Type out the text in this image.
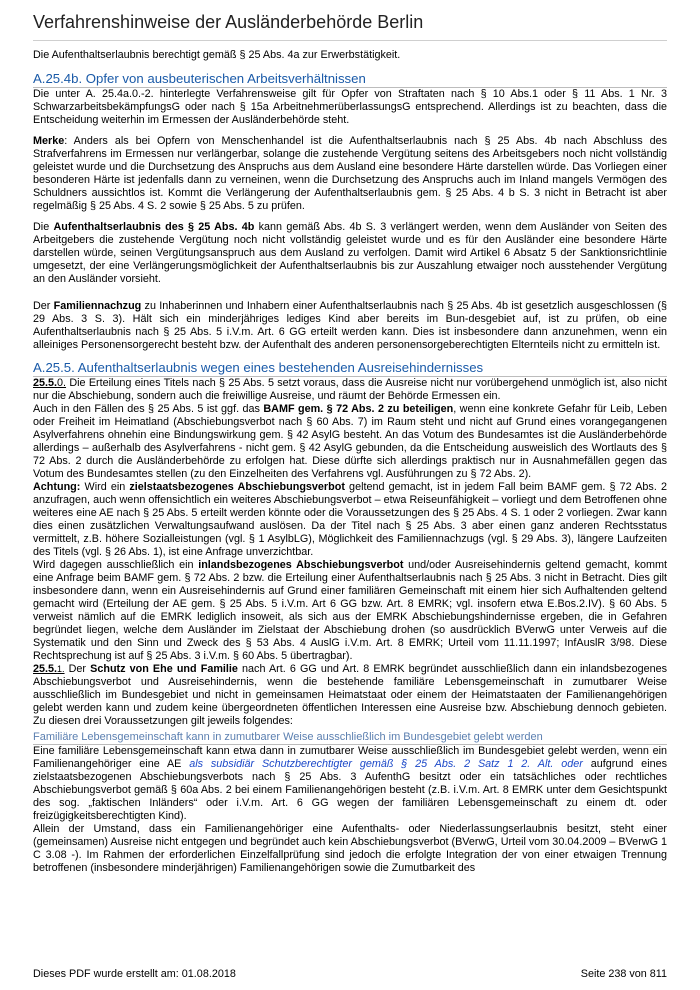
Verfahrenshinweise der Ausländerbehörde Berlin

Die Aufenthaltserlaubnis berechtigt gemäß § 25 Abs. 4a zur Erwerbstätigkeit.

A.25.4b. Opfer von ausbeuterischen Arbeitsverhältnissen

Die unter A. 25.4a.0.-2. hinterlegte Verfahrensweise gilt für Opfer von Straftaten nach § 10 Abs.1 oder § 11 Abs. 1 Nr. 3 SchwarzarbeitsbekämpfungsG oder nach § 15a ArbeitnehmerüberlassungsG entsprechend. Allerdings ist zu beachten, dass die Entscheidung weiterhin im Ermessen der Ausländerbehörde steht.

Merke: Anders als bei Opfern von Menschenhandel ist die Aufenthaltserlaubnis nach § 25 Abs. 4b nach Abschluss des Strafverfahrens im Ermessen nur verlängerbar, solange die zustehende Vergütung seitens des Arbeitsgebers noch nicht vollständig geleistet wurde und die Durchsetzung des Anspruchs aus dem Ausland eine besondere Härte darstellen würde. Das Vorliegen einer besonderen Härte ist jedenfalls dann zu verneinen, wenn die Durchsetzung des Anspruchs auch im Inland mangels Vermögen des Schuldners aussichtlos ist. Kommt die Verlängerung der Aufenthaltserlaubnis gem. § 25 Abs. 4 b S. 3 nicht in Betracht ist aber regelmäßig § 25 Abs. 4 S. 2 sowie § 25 Abs. 5 zu prüfen.

Die Aufenthaltserlaubnis des § 25 Abs. 4b kann gemäß Abs. 4b S. 3 verlängert werden, wenn dem Ausländer von Seiten des Arbeitgebers die zustehende Vergütung noch nicht vollständig geleistet wurde und es für den Ausländer eine besondere Härte darstellen würde, seinen Vergütungsanspruch aus dem Ausland zu verfolgen. Damit wird Artikel 6 Absatz 5 der Sanktionsrichtlinie umgesetzt, der eine Verlängerungsmöglichkeit der Aufenthaltserlaubnis bis zur Auszahlung etwaiger noch ausstehender Vergütung an den Ausländer vorsieht.

Der Familiennachzug zu Inhaberinnen und Inhabern einer Aufenthaltserlaubnis nach § 25 Abs. 4b ist gesetzlich ausgeschlossen (§ 29 Abs. 3 S. 3). Hält sich ein minderjähriges lediges Kind aber bereits im Bun-desgebiet auf, ist zu prüfen, ob eine Aufenthaltserlaubnis nach § 25 Abs. 5 i.V.m. Art. 6 GG erteilt werden kann. Dies ist insbesondere dann anzunehmen, wenn ein alleiniges Personensorgerecht besteht bzw. der Aufenthalt des anderen personensorgeberechtigten Elternteils nicht zu ermitteln ist.

A.25.5. Aufenthaltserlaubnis wegen eines bestehenden Ausreisehindernisses

25.5.0. Die Erteilung eines Titels nach § 25 Abs. 5 setzt voraus, dass die Ausreise nicht nur vorübergehend unmöglich ist, also nicht nur die Abschiebung, sondern auch die freiwillige Ausreise, und räumt der Behörde Ermessen ein.

Auch in den Fällen des § 25 Abs. 5 ist ggf. das BAMF gem. § 72 Abs. 2 zu beteiligen, wenn eine konkrete Gefahr für Leib, Leben oder Freiheit im Heimatland (Abschiebungsverbot nach § 60 Abs. 7) im Raum steht und nicht auf Grund eines vorangegangenen Asylverfahrens ohnehin eine Bindungswirkung gem. § 42 AsylG besteht. An das Votum des Bundesamtes ist die Ausländerbehörde allerdings – außerhalb des Asylverfahrens - nicht gem. § 42 AsylG gebunden, da die Entscheidung ausweislich des Wortlauts des § 72 Abs. 2 durch die Ausländerbehörde zu erfolgen hat. Diese dürfte sich allerdings praktisch nur in Ausnahmefällen gegen das Votum des Bundesamtes stellen (zu den Einzelheiten des Verfahrens vgl. Ausführungen zu § 72 Abs. 2).

Achtung: Wird ein zielstaatsbezogenes Abschiebungsverbot geltend gemacht, ist in jedem Fall beim BAMF gem. § 72 Abs. 2 anzufragen, auch wenn offensichtlich ein weiteres Abschiebungsverbot – etwa Reiseunfähigkeit – vorliegt und dem Betroffenen ohne weiteres eine AE nach § 25 Abs. 5 erteilt werden könnte oder die Voraussetzungen des § 25 Abs. 4 S. 1 oder 2 vorliegen. Zwar kann dies einen zusätzlichen Verwaltungsaufwand auslösen. Da der Titel nach § 25 Abs. 3 aber einen ganz anderen Rechtsstatus vermittelt, z.B. höhere Sozialleistungen (vgl. § 1 AsylbLG), Möglichkeit des Familiennachzugs (vgl. § 29 Abs. 3), längere Laufzeiten des Titels (vgl. § 26 Abs. 1), ist eine Anfrage unverzichtbar.

Wird dagegen ausschließlich ein inlandsbezogenes Abschiebungsverbot und/oder Ausreisehindernis geltend gemacht, kommt eine Anfrage beim BAMF gem. § 72 Abs. 2 bzw. die Erteilung einer Aufenthaltserlaubnis nach § 25 Abs. 3 nicht in Betracht. Dies gilt insbesondere dann, wenn ein Ausreisehindernis auf Grund einer familiären Gemeinschaft mit einem hier sich Aufhaltenden geltend gemacht wird (Erteilung der AE gem. § 25 Abs. 5 i.V.m. Art 6 GG bzw. Art. 8 EMRK; vgl. insofern etwa E.Bos.2.IV). § 60 Abs. 5 verweist nämlich auf die EMRK lediglich insoweit, als sich aus der EMRK Abschiebungshindernisse ergeben, die in Gefahren begründet liegen, welche dem Ausländer im Zielstaat der Abschiebung drohen (so ausdrücklich BVerwG unter Verweis auf die Systematik und den Sinn und Zweck des § 53 Abs. 4 AuslG i.V.m. Art. 8 EMRK; Urteil vom 11.11.1997; InfAuslR 3/98. Diese Rechtsprechung ist auf § 25 Abs. 3 i.V.m. § 60 Abs. 5 übertragbar).

25.5.1. Der Schutz von Ehe und Familie nach Art. 6 GG und Art. 8 EMRK begründet ausschließlich dann ein inlandsbezogenes Abschiebungsverbot und Ausreisehindernis, wenn die bestehende familiäre Lebensgemeinschaft in zumutbarer Weise ausschließlich im Bundesgebiet und nicht in gemeinsamen Heimatstaat oder einem der Heimatstaaten der Familienangehörigen gelebt werden kann und zudem keine übergeordneten öffentlichen Interessen eine Ausreise bzw. Abschiebung dennoch gebieten. Zu diesen drei Voraussetzungen gilt jeweils folgendes:

Familiäre Lebensgemeinschaft kann in zumutbarer Weise ausschließlich im Bundesgebiet gelebt werden

Eine familiäre Lebensgemeinschaft kann etwa dann in zumutbarer Weise ausschließlich im Bundesgebiet gelebt werden, wenn ein Familienangehöriger eine AE als subsidiär Schutzberechtigter gemäß § 25 Abs. 2 Satz 1 2. Alt. oder aufgrund eines zielstaatsbezogenen Abschiebungsverbots nach § 25 Abs. 3 AufenthG besitzt oder ein tatsächliches oder rechtliches Abschiebungsverbot gemäß § 60a Abs. 2 bei einem Familienangehörigen besteht (z.B. i.V.m. Art. 8 EMRK unter dem Gesichtspunkt des sog. „faktischen Inländers“ oder i.V.m. Art. 6 GG wegen der familiären Lebensgemeinschaft zu einem dt. oder freizügigkeitsberechtigten Kind).

Allein der Umstand, dass ein Familienangehöriger eine Aufenthalts- oder Niederlassungserlaubnis besitzt, steht einer (gemeinsamen) Ausreise nicht entgegen und begründet auch kein Abschiebungsverbot (BVerwG, Urteil vom 30.04.2009 – BVerwG 1 C 3.08 -). Im Rahmen der erforderlichen Einzelfallprüfung sind jedoch die erfolgte Integration der von einer etwaigen Trennung betroffenen (insbesondere minderjährigen) Familienangehörigen sowie die Zumutbarkeit des

Dieses PDF wurde erstellt am: 01.08.2018	Seite 238 von 811
